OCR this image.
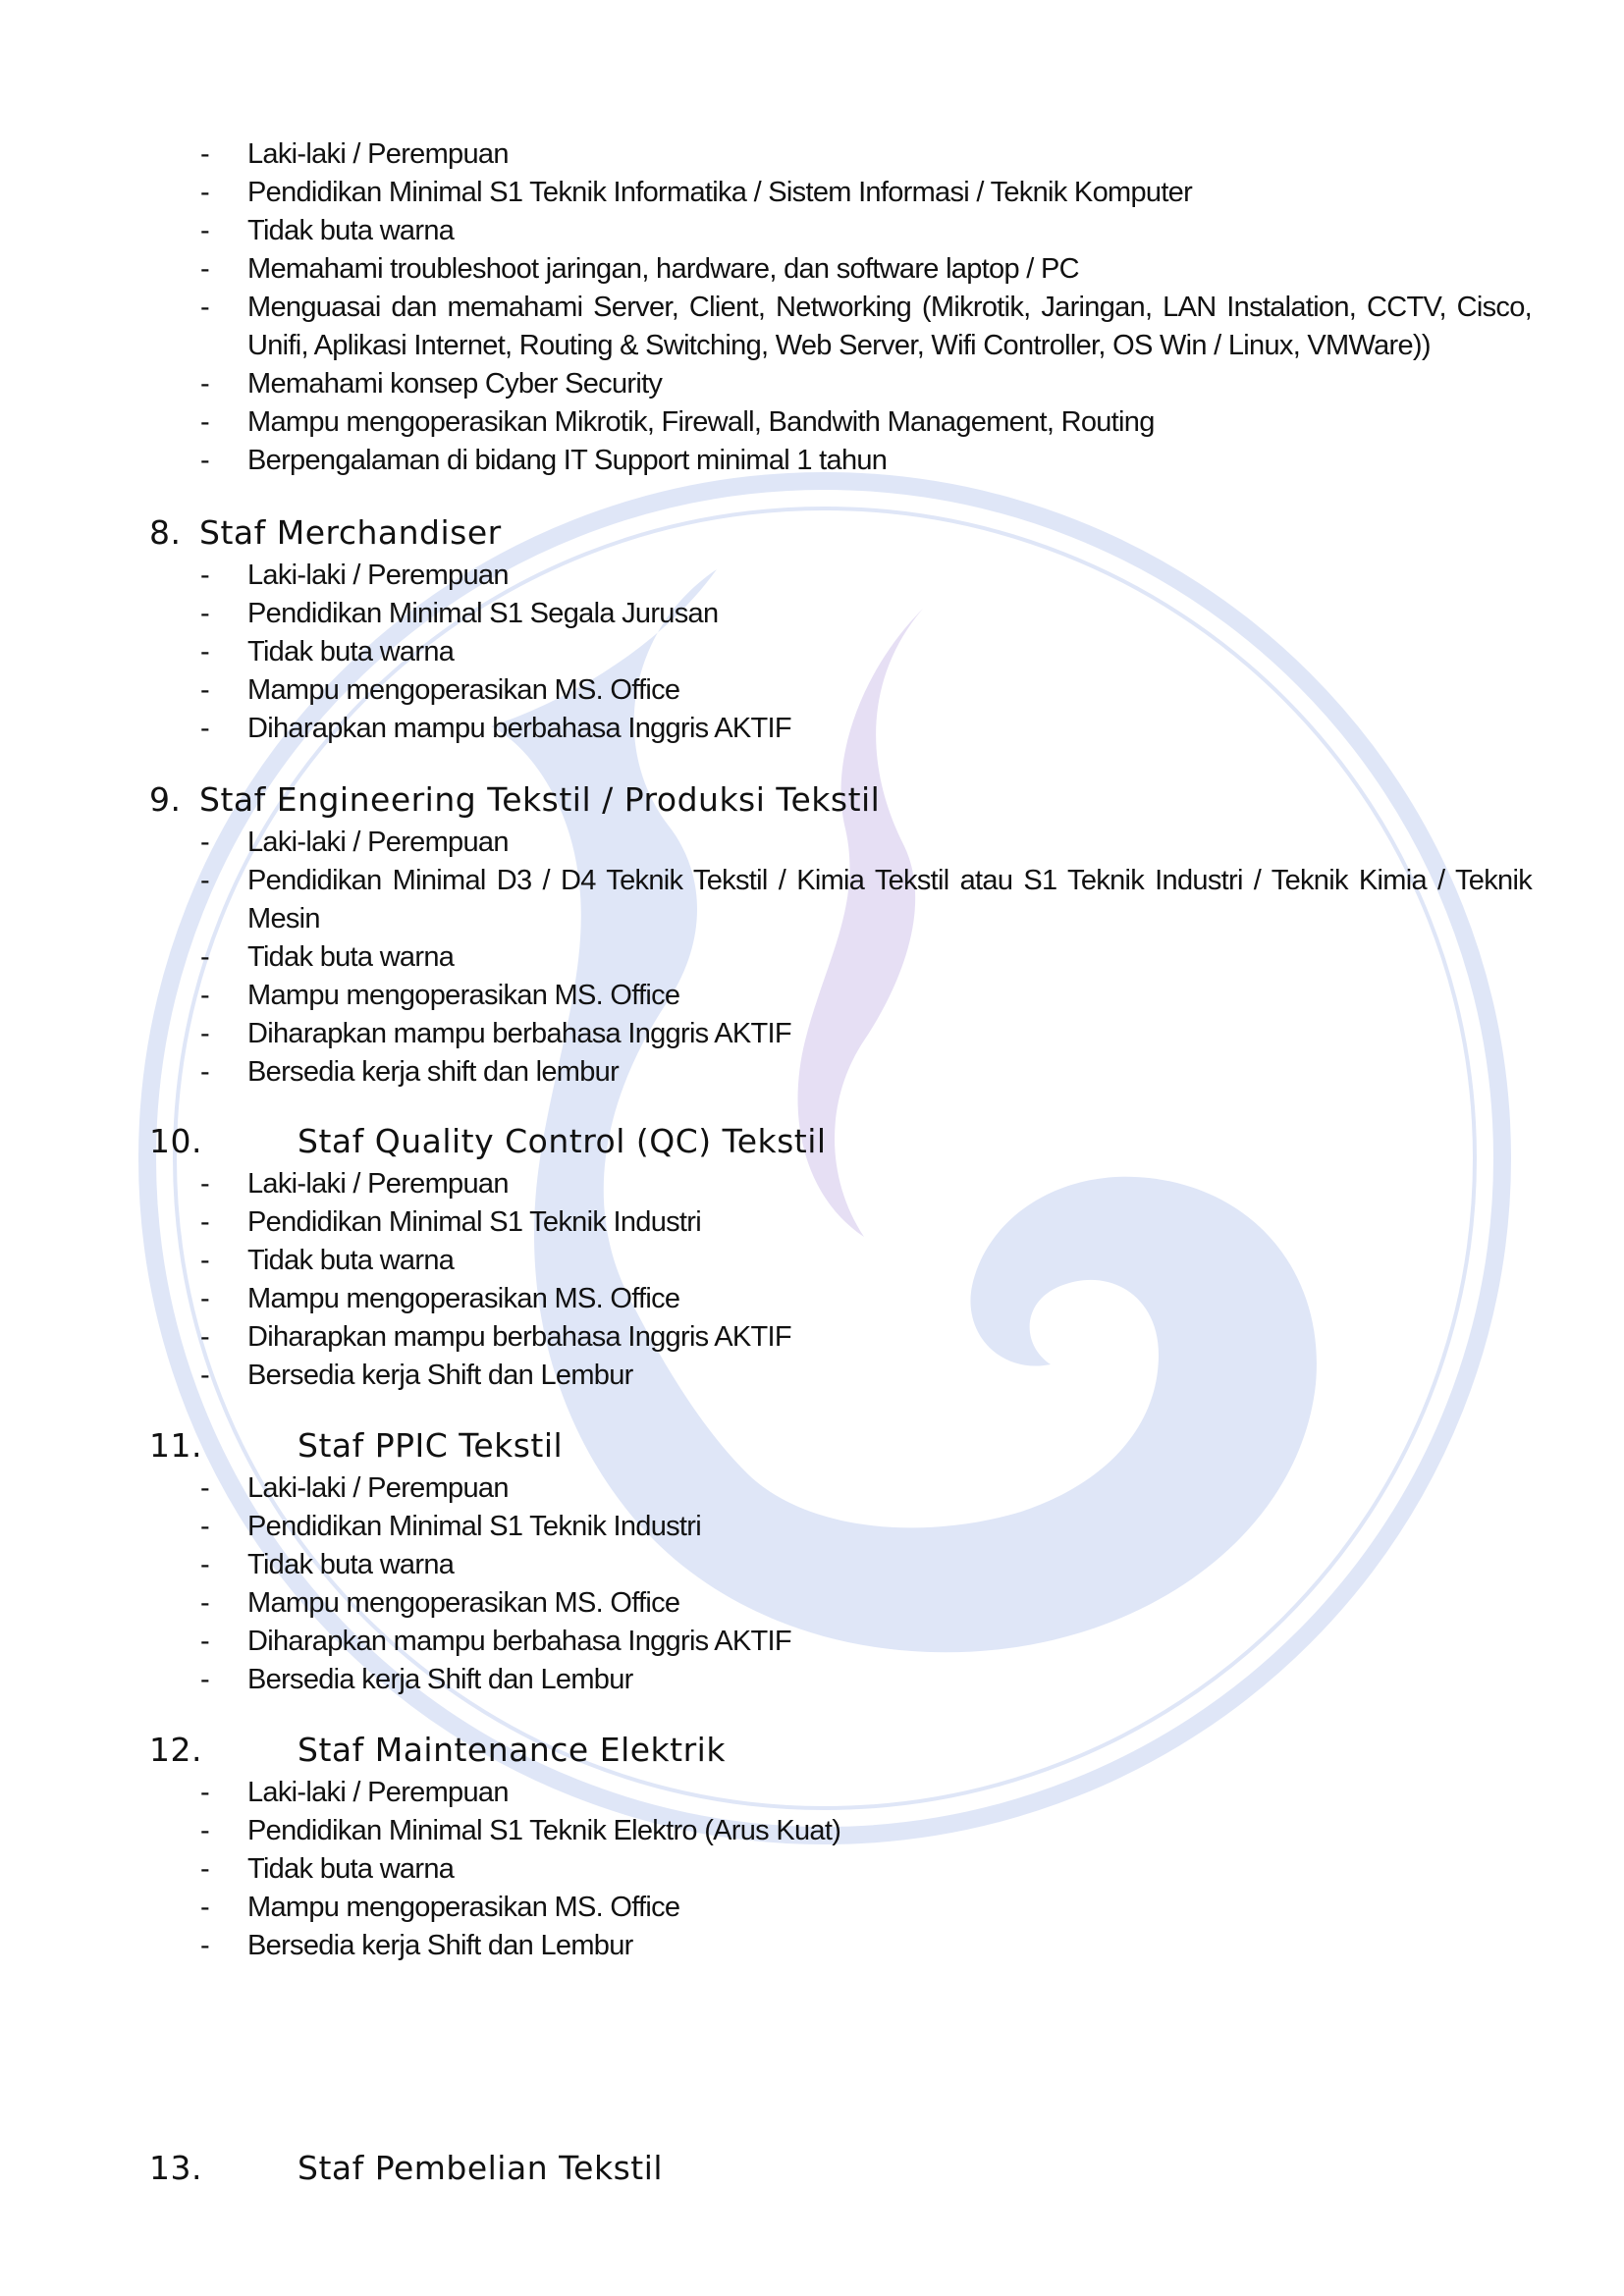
-	Laki-laki / Perempuan
-	Pendidikan Minimal S1 Teknik Informatika / Sistem Informasi / Teknik Komputer
-	Tidak buta warna
-	Memahami troubleshoot jaringan, hardware, dan software laptop / PC
-	Menguasai dan memahami Server, Client, Networking (Mikrotik, Jaringan, LAN Instalation, CCTV, Cisco, Unifi, Aplikasi Internet, Routing & Switching, Web Server, Wifi Controller, OS Win / Linux, VMWare))
-	Memahami konsep Cyber Security
-	Mampu mengoperasikan Mikrotik, Firewall, Bandwith Management, Routing
-	Berpengalaman di bidang IT Support minimal 1 tahun
8. Staf Merchandiser
-	Laki-laki / Perempuan
-	Pendidikan Minimal S1 Segala Jurusan
-	Tidak buta warna
-	Mampu mengoperasikan MS. Office
-	Diharapkan mampu berbahasa Inggris AKTIF
9. Staf Engineering Tekstil / Produksi Tekstil
-	Laki-laki / Perempuan
-	Pendidikan Minimal D3 / D4 Teknik Tekstil / Kimia Tekstil atau S1 Teknik Industri / Teknik Kimia / Teknik Mesin
-	Tidak buta warna
-	Mampu mengoperasikan MS. Office
-	Diharapkan mampu berbahasa Inggris AKTIF
-	Bersedia kerja shift dan lembur
10.	Staf Quality Control (QC) Tekstil
-	Laki-laki / Perempuan
-	Pendidikan Minimal S1 Teknik Industri
-	Tidak buta warna
-	Mampu mengoperasikan MS. Office
-	Diharapkan mampu berbahasa Inggris AKTIF
-	Bersedia kerja Shift dan Lembur
11.	Staf PPIC Tekstil
-	Laki-laki / Perempuan
-	Pendidikan Minimal S1 Teknik Industri
-	Tidak buta warna
-	Mampu mengoperasikan MS. Office
-	Diharapkan mampu berbahasa Inggris AKTIF
-	Bersedia kerja Shift dan Lembur
12.	Staf Maintenance Elektrik
-	Laki-laki / Perempuan
-	Pendidikan Minimal S1 Teknik Elektro (Arus Kuat)
-	Tidak buta warna
-	Mampu mengoperasikan MS. Office
-	Bersedia kerja Shift dan Lembur
13.	Staf Pembelian Tekstil
